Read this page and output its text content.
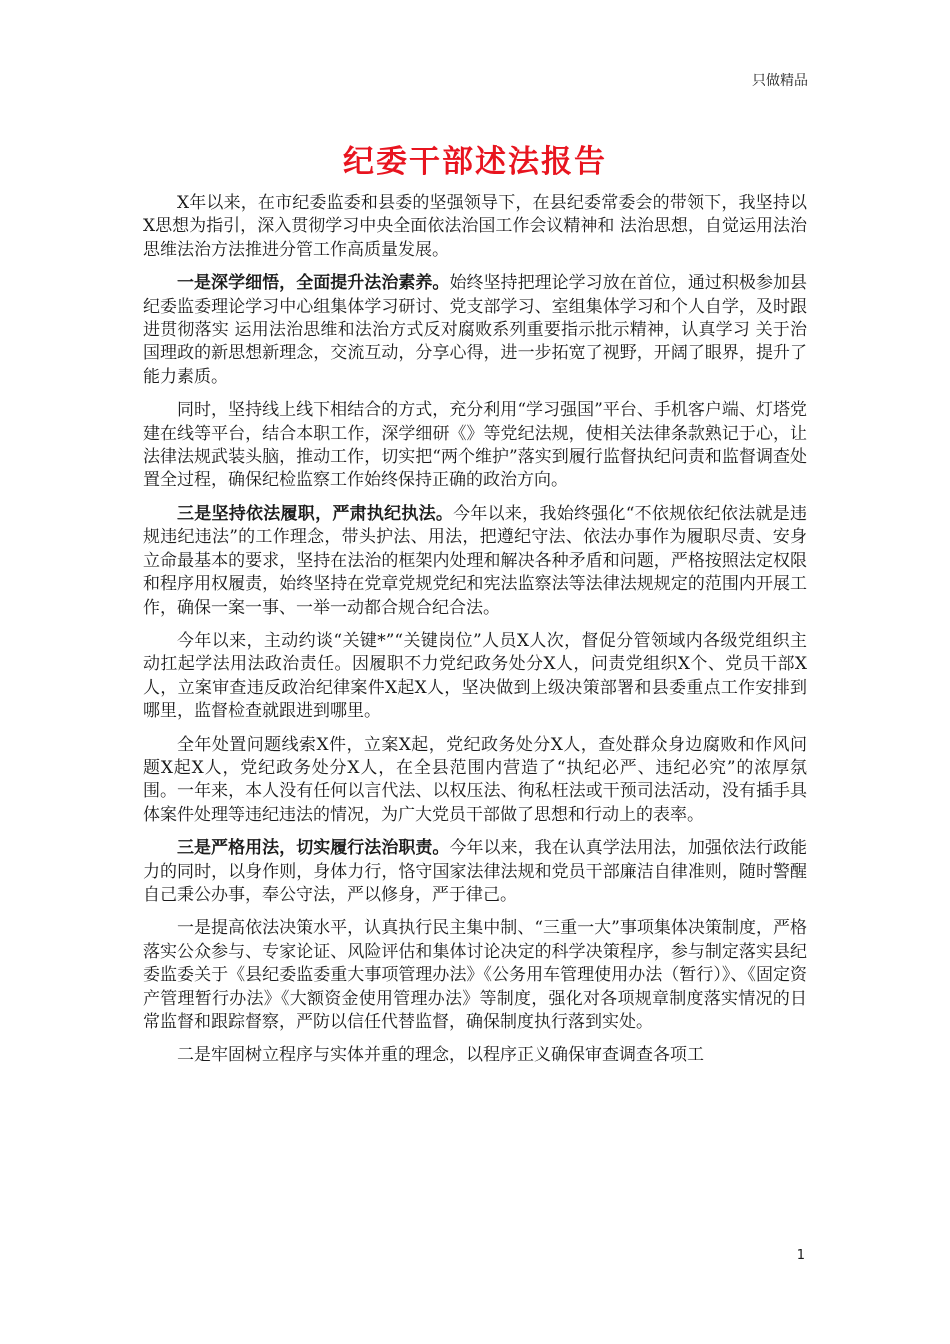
只做精品
纪委干部述法报告

X年以来，在市纪委监委和县委的坚强领导下，在县纪委常委会的带领下，我坚持以X思想为指引，深入贯彻学习中央全面依法治国工作会议精神和 法治思想，自觉运用法治思维法治方法推进分管工作高质量发展。

一是深学细悟，全面提升法治素养。始终坚持把理论学习放在首位，通过积极参加县纪委监委理论学习中心组集体学习研讨、党支部学习、室组集体学习和个人自学，及时跟进贯彻落实 运用法治思维和法治方式反对腐败系列重要指示批示精神，认真学习 关于治国理政的新思想新理念，交流互动，分享心得，进一步拓宽了视野，开阔了眼界，提升了能力素质。

同时，坚持线上线下相结合的方式，充分利用“学习强国”平台、手机客户端、灯塔党建在线等平台，结合本职工作，深学细研《》等党纪法规，使相关法律条款熟记于心，让法律法规武装头脑，推动工作，切实把“两个维护”落实到履行监督执纪问责和监督调查处置全过程，确保纪检监察工作始终保持正确的政治方向。

三是坚持依法履职，严肃执纪执法。今年以来，我始终强化“不依规依纪依法就是违规违纪违法”的工作理念，带头护法、用法，把遵纪守法、依法办事作为履职尽责、安身立命最基本的要求，坚持在法治的框架内处理和解决各种矛盾和问题，严格按照法定权限和程序用权履责，始终坚持在党章党规党纪和宪法监察法等法律法规规定的范围内开展工作，确保一案一事、一举一动都合规合纪合法。

今年以来，主动约谈“关键*”“关键岗位”人员X人次，督促分管领域内各级党组织主动扛起学法用法政治责任。因履职不力党纪政务处分X人，问责党组织X个、党员干部X人，立案审查违反政治纪律案件X起X人，坚决做到上级决策部署和县委重点工作安排到哪里，监督检查就跟进到哪里。

全年处置问题线索X件，立案X起，党纪政务处分X人，查处群众身边腐败和作风问题X起X人，党纪政务处分X人，在全县范围内营造了“执纪必严、违纪必究”的浓厚氛围。一年来，本人没有任何以言代法、以权压法、徇私枉法或干预司法活动，没有插手具体案件处理等违纪违法的情况，为广大党员干部做了思想和行动上的表率。

三是严格用法，切实履行法治职责。今年以来，我在认真学法用法，加强依法行政能力的同时，以身作则，身体力行，恪守国家法律法规和党员干部廉洁自律准则，随时警醒自己秉公办事，奉公守法，严以修身，严于律己。

一是提高依法决策水平，认真执行民主集中制、“三重一大”事项集体决策制度，严格落实公众参与、专家论证、风险评估和集体讨论决定的科学决策程序，参与制定落实县纪委监委关于《县纪委监委重大事项管理办法》《公务用车管理使用办法（暂行）》、《固定资产管理暂行办法》《大额资金使用管理办法》等制度，强化对各项规章制度落实情况的日常监督和跟踪督察，严防以信任代替监督，确保制度执行落到实处。

二是牢固树立程序与实体并重的理念，以程序正义确保审查调查各项工

1
